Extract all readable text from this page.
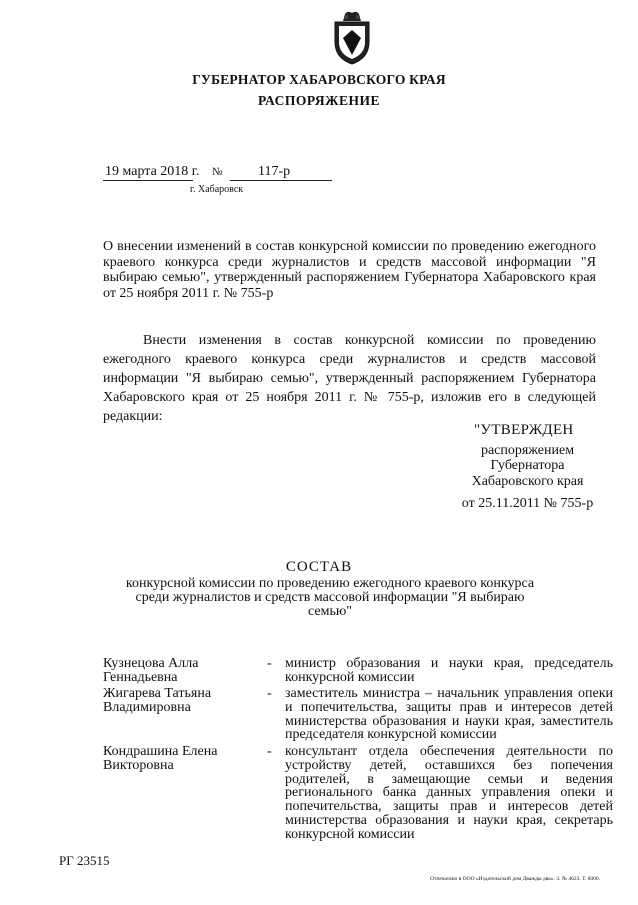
ГУБЕРНАТОР ХАБАРОВСКОГО КРАЯ
РАСПОРЯЖЕНИЕ
19 марта 2018 г. №	117-р
г. Хабаровск
О внесении изменений в состав конкурсной комиссии по проведению ежегодного краевого конкурса среди журналистов и средств массовой информации "Я выбираю семью", утвержденный распоряжением Губернатора Хабаровского края от 25 ноября 2011 г. № 755-р
Внести изменения в состав конкурсной комиссии по проведению ежегодного краевого конкурса среди журналистов и средств массовой информации "Я выбираю семью", утвержденный распоряжением Губернатора Хабаровского края от 25 ноября 2011 г. № 755-р, изложив его в следующей редакции:
"УТВЕРЖДЕН
распоряжением
Губернатора
Хабаровского края
от 25.11.2011 № 755-р
СОСТАВ
конкурсной комиссии по проведению ежегодного краевого конкурса среди журналистов и средств массовой информации "Я выбираю семью"
Кузнецова Алла Геннадьевна
- министр образования и науки края, председатель конкурсной комиссии
Жигарева Татьяна Владимировна
- заместитель министра – начальник управления опеки и попечительства, защиты прав и интересов детей министерства образования и науки края, заместитель председателя конкурсной комиссии
Кондрашина Елена Викторовна
- консультант отдела обеспечения деятельности по устройству детей, оставшихся без попечения родителей, в замещающие семьи и ведения регионального банка данных управления опеки и попечительства, защиты прав и интересов детей министерства образования и науки края, секретарь конкурсной комиссии
РГ 23515
Отпечатано в ООО «Издательский дом Дважды два». З. № 4623. Т. 6000.
